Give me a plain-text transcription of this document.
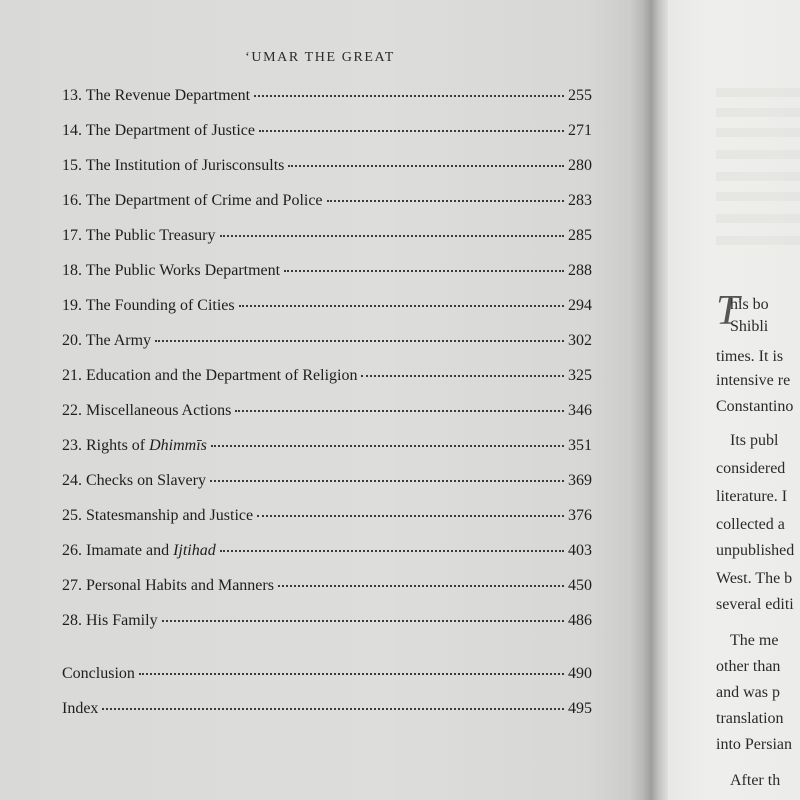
T
his bo
Shibli
times. It is
intensive re
Constantino
Its publ
considered
literature. I
collected a
unpublished
West. The b
several editi
The me
other than
and was p
translation
into Persian
After th
‘UMAR THE GREAT
13. The Revenue Department	255
14. The Department of Justice	271
15. The Institution of Jurisconsults	280
16. The Department of Crime and Police	283
17. The Public Treasury	285
18. The Public Works Department	288
19. The Founding of Cities	294
20. The Army	302
21. Education and the Department of Religion	325
22. Miscellaneous Actions	346
23. Rights of Dhimmīs	351
24. Checks on Slavery	369
25. Statesmanship and Justice	376
26. Imamate and Ijtihad	403
27. Personal Habits and Manners	450
28. His Family	486
Conclusion	490
Index	495
